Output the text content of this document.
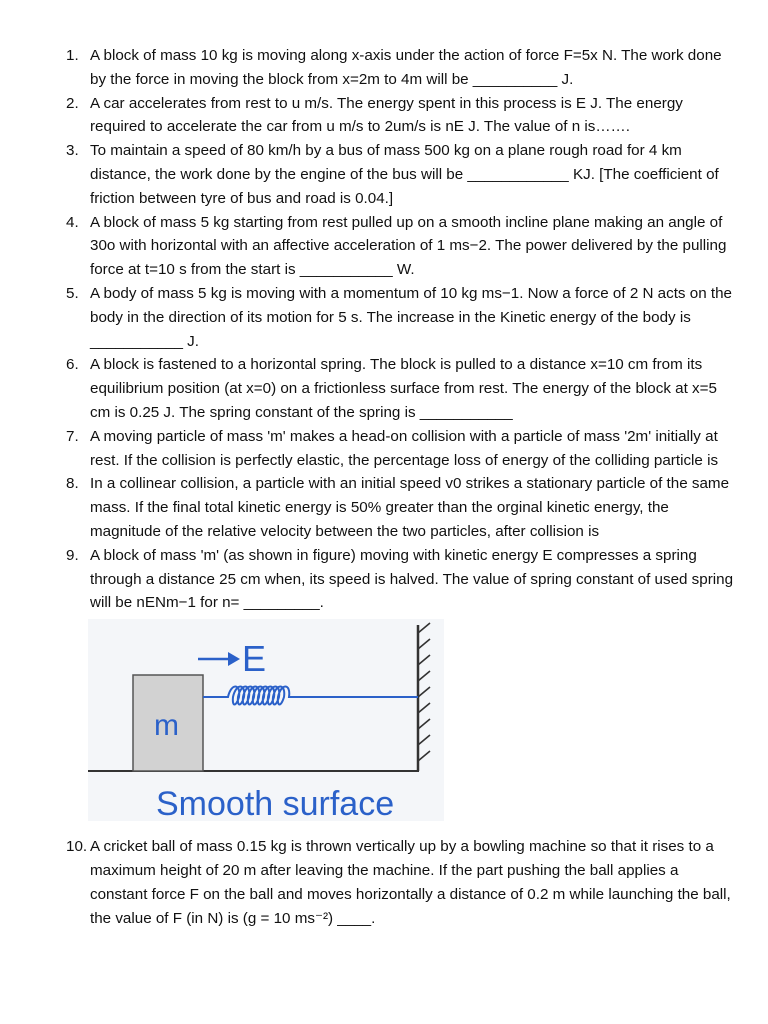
1. A block of mass 10 kg is moving along x-axis under the action of force F=5x N. The work done by the force in moving the block from x=2m to 4m will be __________ J.
2. A car accelerates from rest to u m/s. The energy spent in this process is E J. The energy required to accelerate the car from u m/s to 2um/s is nE J. The value of n is…….
3. To maintain a speed of 80 km/h by a bus of mass 500 kg on a plane rough road for 4 km distance, the work done by the engine of the bus will be ____________ KJ. [The coefficient of friction between tyre of bus and road is 0.04.]
4. A block of mass 5 kg starting from rest pulled up on a smooth incline plane making an angle of 30o with horizontal with an affective acceleration of 1 ms−2. The power delivered by the pulling force at t=10 s from the start is ___________ W.
5. A body of mass 5 kg is moving with a momentum of 10 kg ms−1. Now a force of 2 N acts on the body in the direction of its motion for 5 s. The increase in the Kinetic energy of the body is ___________ J.
6. A block is fastened to a horizontal spring. The block is pulled to a distance x=10 cm from its equilibrium position (at x=0) on a frictionless surface from rest. The energy of the block at x=5 cm is 0.25 J. The spring constant of the spring is ___________
7. A moving particle of mass 'm' makes a head-on collision with a particle of mass '2m' initially at rest. If the collision is perfectly elastic, the percentage loss of energy of the colliding particle is
8. In a collinear collision, a particle with an initial speed v0 strikes a stationary particle of the same mass. If the final total kinetic energy is 50% greater than the orginal kinetic energy, the magnitude of the relative velocity between the two particles, after collision is
9. A block of mass 'm' (as shown in figure) moving with kinetic energy E compresses a spring through a distance 25 cm when, its speed is halved. The value of spring constant of used spring will be nENm−1 for n= _________.
m
E
Smooth surface
10. A cricket ball of mass 0.15 kg is thrown vertically up by a bowling machine so that it rises to a maximum height of 20 m after leaving the machine. If the part pushing the ball applies a constant force F on the ball and moves horizontally a distance of 0.2 m while launching the ball, the value of F (in N) is (g = 10 ms⁻²) ____.
